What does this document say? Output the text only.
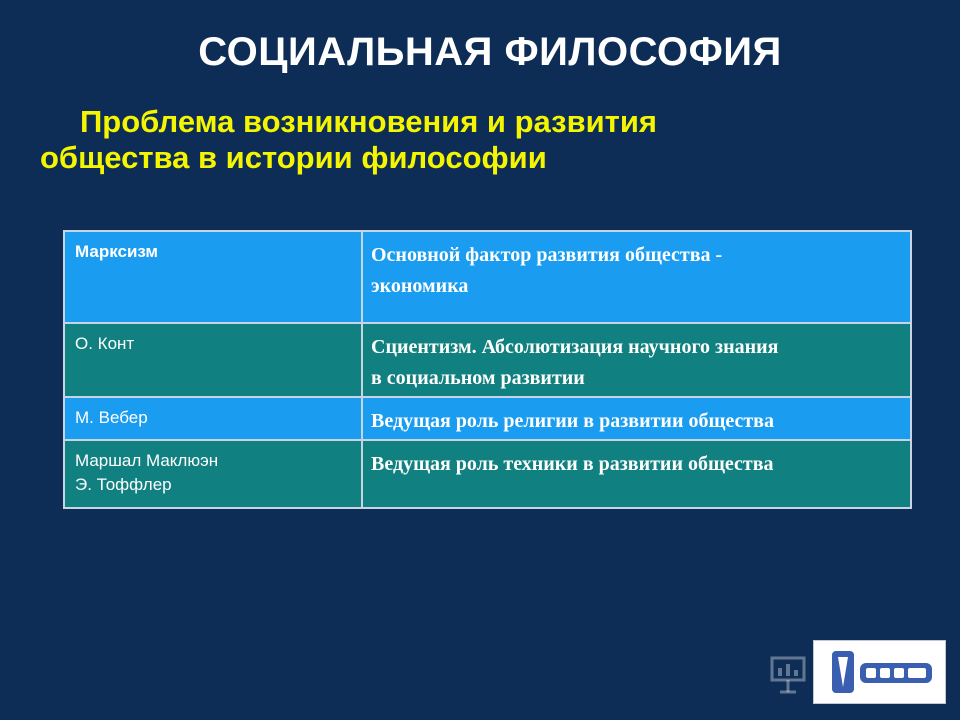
СОЦИАЛЬНАЯ ФИЛОСОФИЯ
Проблема возникновения и развития
общества в истории философии
Марксизм	Основной фактор развития общества -
экономика
О. Конт	Сциентизм. Абсолютизация научного знания
в социальном развитии
М. Вебер	Ведущая роль религии в развитии общества
Маршал Маклюэн
Э. Тоффлер	Ведущая роль техники в развитии общества
